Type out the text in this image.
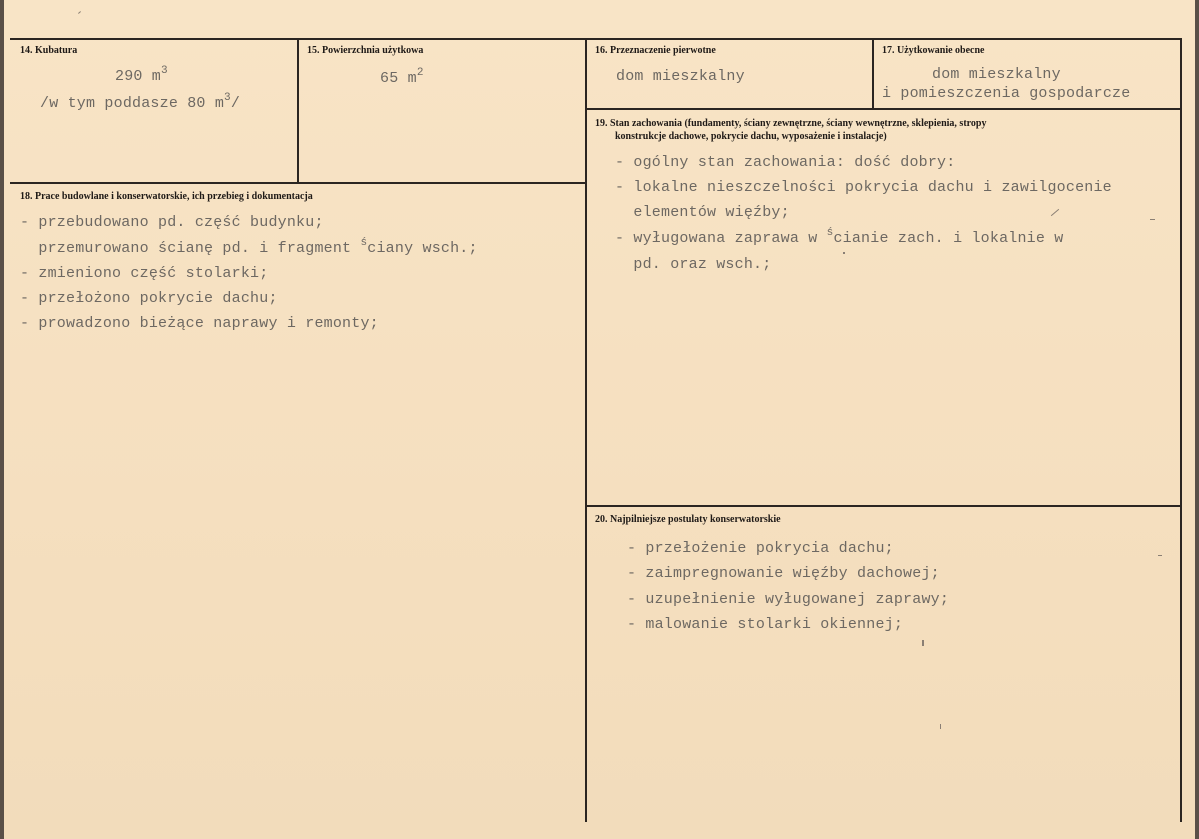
14. Kubatura
290 $m^3$
/w tym poddasze 80 $m^3/$
15. Powierzchnia użytkowa
65 $m^2$
16. Przeznaczenie pierwotne
dom mieszkalny
17. Użytkowanie obecne
dom mieszkalny
i pomieszczenia gospodarcze
18. Prace budowlane i konserwatorskie, ich przebieg i dokumentacja
- przebudowano pd. część budynku;
przemurowano ścianę pd. i fragment $^ś$ciany wsch.;
- zmieniono część stolarki;
- przełożono pokrycie dachu;
- prowadzono bieżące naprawy i remonty;
19. Stan zachowania (fundamenty, ściany zewnętrzne, ściany wewnętrzne, sklepienia, stropy
konstrukcje dachowe, pokrycie dachu, wyposażenie i instalacje)
- ogólny stan zachowania: dość dobry:
- lokalne nieszczelności pokrycia dachu i zawilgocenie
elementów więźby;
- wyługowana zaprawa w $^ś$cianie zach. i lokalnie w
pd. oraz wsch.;
20. Najpilniejsze postulaty konserwatorskie
- przełożenie pokrycia dachu;
- zaimpregnowanie więźby dachowej;
- uzupełnienie wyługowanej zaprawy;
- malowanie stolarki okiennej;
